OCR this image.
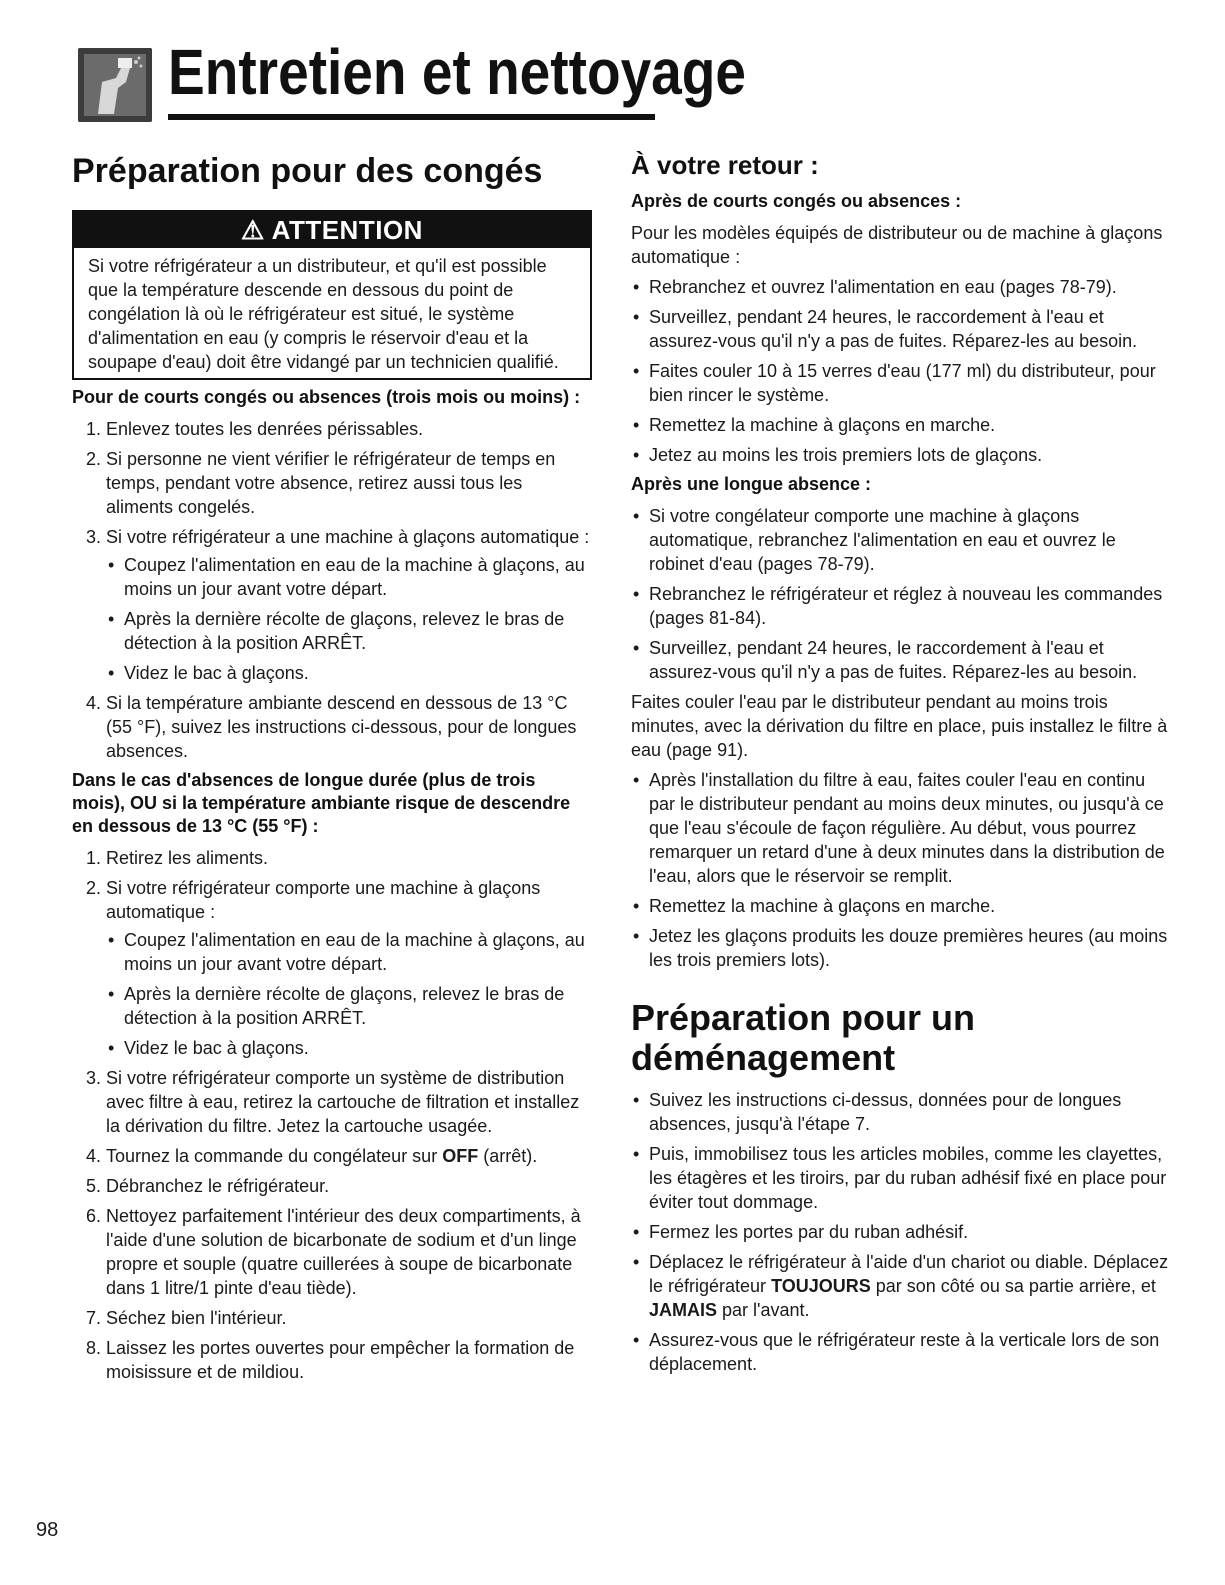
Entretien et nettoyage
Préparation pour des congés
⚠ ATTENTION
Si votre réfrigérateur a un distributeur, et qu'il est possible que la température descende en dessous du point de congélation là où le réfrigérateur est situé, le système d'alimentation en eau (y compris le réservoir d'eau et la soupape d'eau) doit être vidangé par un technicien qualifié.
Pour de courts congés ou absences (trois mois ou moins) :
1. Enlevez toutes les denrées périssables.
2. Si personne ne vient vérifier le réfrigérateur de temps en temps, pendant votre absence, retirez aussi tous les aliments congelés.
3. Si votre réfrigérateur a une machine à glaçons automatique :
• Coupez l'alimentation en eau de la machine à glaçons, au moins un jour avant votre départ.
• Après la dernière récolte de glaçons, relevez le bras de détection à la position ARRÊT.
• Videz le bac à glaçons.
4. Si la température ambiante descend en dessous de 13 °C (55 °F), suivez les instructions ci-dessous, pour de longues absences.
Dans le cas d'absences de longue durée (plus de trois mois), OU si la température ambiante risque de descendre en dessous de 13 °C (55 °F) :
1. Retirez les aliments.
2. Si votre réfrigérateur comporte une machine à glaçons automatique :
• Coupez l'alimentation en eau de la machine à glaçons, au moins un jour avant votre départ.
• Après la dernière récolte de glaçons, relevez le bras de détection à la position ARRÊT.
• Videz le bac à glaçons.
3. Si votre réfrigérateur comporte un système de distribution avec filtre à eau, retirez la cartouche de filtration et installez la dérivation du filtre. Jetez la cartouche usagée.
4. Tournez la commande du congélateur sur OFF (arrêt).
5. Débranchez le réfrigérateur.
6. Nettoyez parfaitement l'intérieur des deux compartiments, à l'aide d'une solution de bicarbonate de sodium et d'un linge propre et souple (quatre cuillerées à soupe de bicarbonate dans 1 litre/1 pinte d'eau tiède).
7. Séchez bien l'intérieur.
8. Laissez les portes ouvertes pour empêcher la formation de moisissure et de mildiou.
À votre retour :
Après de courts congés ou absences :

Pour les modèles équipés de distributeur ou de machine à glaçons automatique :

• Rebranchez et ouvrez l'alimentation en eau (pages 78-79).
• Surveillez, pendant 24 heures, le raccordement à l'eau et assurez-vous qu'il n'y a pas de fuites. Réparez-les au besoin.
• Faites couler 10 à 15 verres d'eau (177 ml) du distributeur, pour bien rincer le système.
• Remettez la machine à glaçons en marche.
• Jetez au moins les trois premiers lots de glaçons.
Après une longue absence :
• Si votre congélateur comporte une machine à glaçons automatique, rebranchez l'alimentation en eau et ouvrez le robinet d'eau (pages 78-79).
• Rebranchez le réfrigérateur et réglez à nouveau les commandes (pages 81-84).
• Surveillez, pendant 24 heures, le raccordement à l'eau et assurez-vous qu'il n'y a pas de fuites. Réparez-les au besoin.

Faites couler l'eau par le distributeur pendant au moins trois minutes, avec la dérivation du filtre en place, puis installez le filtre à eau (page 91).

• Après l'installation du filtre à eau, faites couler l'eau en continu par le distributeur pendant au moins deux minutes, ou jusqu'à ce que l'eau s'écoule de façon régulière. Au début, vous pourrez remarquer un retard d'une à deux minutes dans la distribution de l'eau, alors que le réservoir se remplit.
• Remettez la machine à glaçons en marche.
• Jetez les glaçons produits les douze premières heures (au moins les trois premiers lots).
Préparation pour un déménagement
• Suivez les instructions ci-dessus, données pour de longues absences, jusqu'à l'étape 7.
• Puis, immobilisez tous les articles mobiles, comme les clayettes, les étagères et les tiroirs, par du ruban adhésif fixé en place pour éviter tout dommage.
• Fermez les portes par du ruban adhésif.
• Déplacez le réfrigérateur à l'aide d'un chariot ou diable. Déplacez le réfrigérateur TOUJOURS par son côté ou sa partie arrière, et JAMAIS par l'avant.
• Assurez-vous que le réfrigérateur reste à la verticale lors de son déplacement.
98
